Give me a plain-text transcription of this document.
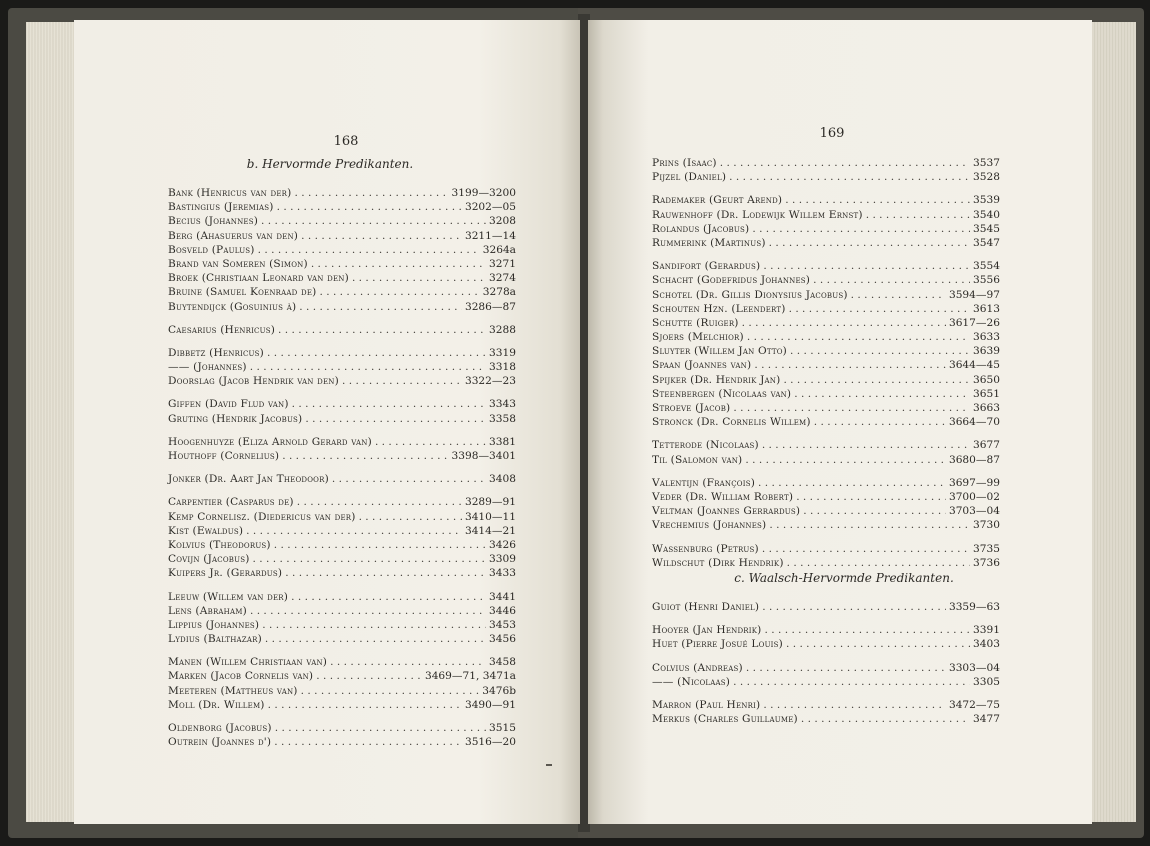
168
b. Hervormde Predikanten.
Bank (Henricus van der) . . .	3199—3200
Bastingius (Jeremias) . . .	3202—05
Becius (Johannes) . . .	3208
Berg (Ahasuerus van den) . . .	3211—14
Bosveld (Paulus) . . .	3264a
Brand van Someren (Simon) . . .	3271
Broek (Christiaan Leonard van den) . . .	3274
Bruine (Samuel Koenraad de) . . .	3278a
Buytendijck (Gosuinius à) . . .	3286—87
Caesarius (Henricus) . . .	3288
Dibbetz (Henricus) . . .	3319
—— (Johannes) . . .	3318
Doorslag (Jacob Hendrik van den) . . .	3322—23
Giffen (David Flud van) . . .	3343
Gruting (Hendrik Jacobus) . . .	3358
Hoogenhuyze (Eliza Arnold Gerard van) . . .	3381
Houthoff (Cornelius) . . .	3398—3401
Jonker (Dr. Aart Jan Theodoor) . . .	3408
Carpentier (Casparus de) . . .	3289—91
Kemp Cornelisz. (Diedericus van der) . . .	3410—11
Kist (Ewaldus) . . .	3414—21
Kolvius (Theodorus) . . .	3426
Covijn (Jacobus) . . .	3309
Kuipers Jr. (Gerardus) . . .	3433
Leeuw (Willem van der) . . .	3441
Lens (Abraham) . . .	3446
Lippius (Johannes) . . .	3453
Lydius (Balthazar) . . .	3456
Manen (Willem Christiaan van) . . .	3458
Marken (Jacob Cornelis van) . . .	3469—71, 3471a
Meeteren (Mattheus van) . . .	3476b
Moll (Dr. Willem) . . .	3490—91
Oldenborg (Jacobus) . . .	3515
Outrein (Joannes d') . . .	3516—20
169
Prins (Isaac) . . .	3537
Pijzel (Daniel) . . .	3528
Rademaker (Geurt Arend) . . .	3539
Rauwenhoff (Dr. Lodewijk Willem Ernst) . . .	3540
Rolandus (Jacobus) . . .	3545
Rummerink (Martinus) . . .	3547
Sandifort (Gerardus) . . .	3554
Schacht (Godefridus Johannes) . . .	3556
Schotel (Dr. Gillis Dionysius Jacobus) . . .	3594—97
Schouten Hzn. (Leendert) . . .	3613
Schutte (Ruiger) . . .	3617—26
Sjoers (Melchior) . . .	3633
Sluyter (Willem Jan Otto) . . .	3639
Spaan (Joannes van) . . .	3644—45
Spijker (Dr. Hendrik Jan) . . .	3650
Steenbergen (Nicolaas van) . . .	3651
Stroeve (Jacob) . . .	3663
Stronck (Dr. Cornelis Willem) . . .	3664—70
Tetterode (Nicolaas) . . .	3677
Til (Salomon van) . . .	3680—87
Valentijn (François) . . .	3697—99
Veder (Dr. William Robert) . . .	3700—02
Veltman (Joannes Gerrardus) . . .	3703—04
Vrechemius (Johannes) . . .	3730
Wassenburg (Petrus) . . .	3735
Wildschut (Dirk Hendrik) . . .	3736
c. Waalsch-Hervormde Predikanten.
Guiot (Henri Daniel) . . .	3359—63
Hooyer (Jan Hendrik) . . .	3391
Huet (Pierre Josué Louis) . . .	3403
Colvius (Andreas) . . .	3303—04
—— (Nicolaas) . . .	3305
Marron (Paul Henri) . . .	3472—75
Merkus (Charles Guillaume) . . .	3477
